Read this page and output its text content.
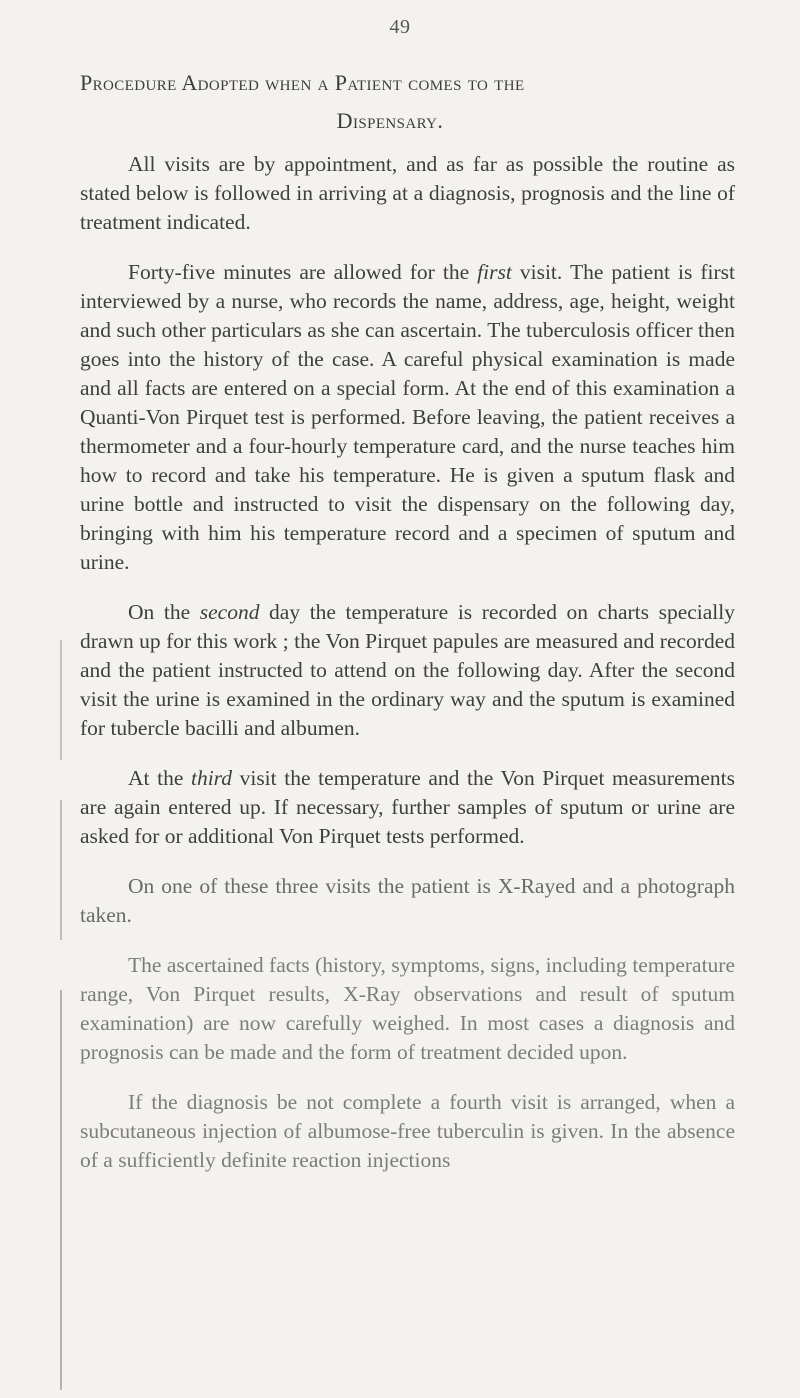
49
Procedure Adopted when a Patient comes to the
Dispensary.

All visits are by appointment, and as far as possible the routine as stated below is followed in arriving at a diagnosis, prognosis and the line of treatment indicated.

Forty-five minutes are allowed for the first visit. The patient is first interviewed by a nurse, who records the name, address, age, height, weight and such other particulars as she can ascertain. The tuberculosis officer then goes into the history of the case. A careful physical examination is made and all facts are entered on a special form. At the end of this examination a Quanti-Von Pirquet test is performed. Before leaving, the patient receives a thermometer and a four-hourly temperature card, and the nurse teaches him how to record and take his temperature. He is given a sputum flask and urine bottle and instructed to visit the dispensary on the following day, bringing with him his temperature record and a specimen of sputum and urine.

On the second day the temperature is recorded on charts specially drawn up for this work ; the Von Pirquet papules are measured and recorded and the patient instructed to attend on the following day. After the second visit the urine is examined in the ordinary way and the sputum is examined for tubercle bacilli and albumen.

At the third visit the temperature and the Von Pirquet measurements are again entered up. If necessary, further samples of sputum or urine are asked for or additional Von Pirquet tests performed.

On one of these three visits the patient is X-Rayed and a photograph taken.

The ascertained facts (history, symptoms, signs, including temperature range, Von Pirquet results, X-Ray observations and result of sputum examination) are now carefully weighed. In most cases a diagnosis and prognosis can be made and the form of treatment decided upon.

If the diagnosis be not complete a fourth visit is arranged, when a subcutaneous injection of albumose-free tuberculin is given. In the absence of a sufficiently definite reaction injections
